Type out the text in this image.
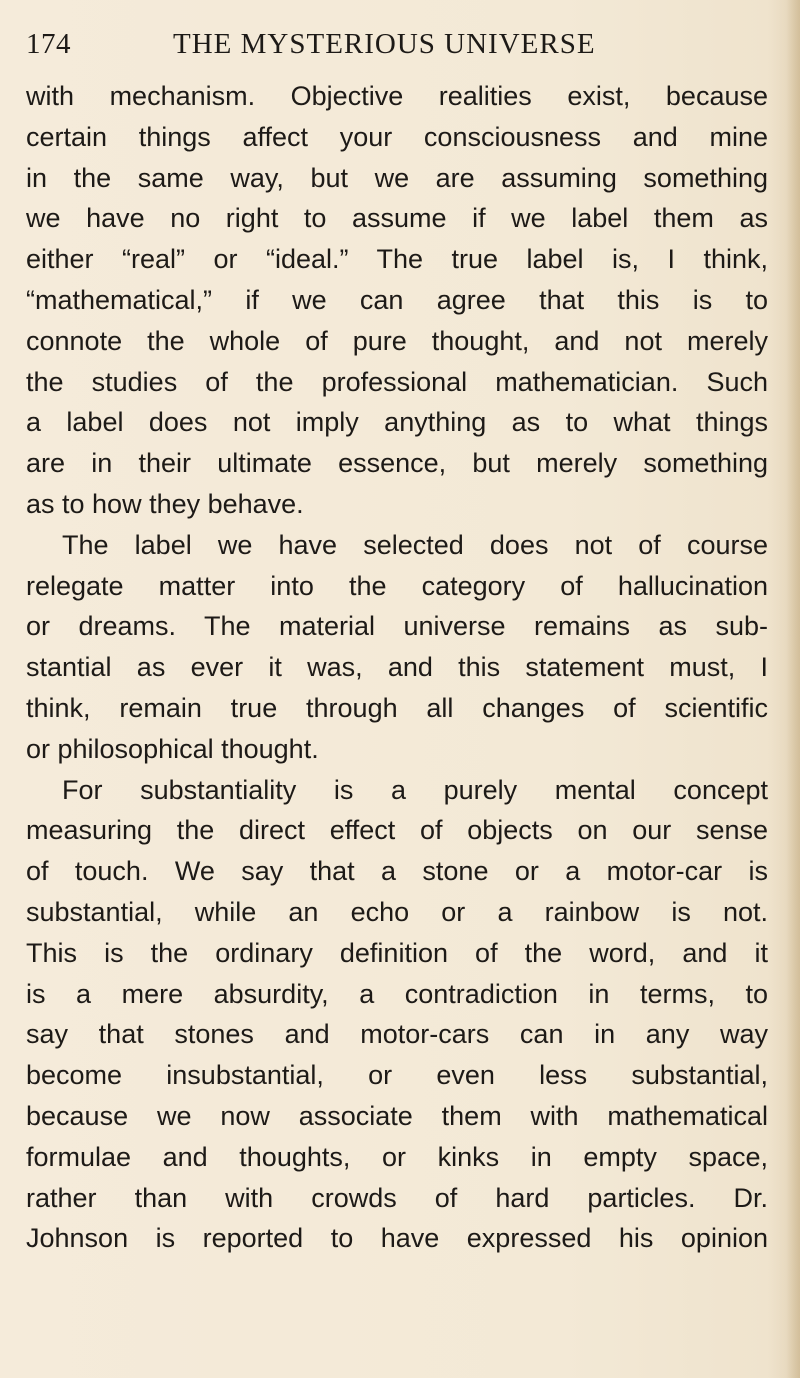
174	THE MYSTERIOUS UNIVERSE
with mechanism. Objective realities exist, because
certain things affect your consciousness and mine
in the same way, but we are assuming something
we have no right to assume if we label them as
either “real” or “ideal.” The true label is, I think,
“mathematical,” if we can agree that this is to
connote the whole of pure thought, and not merely
the studies of the professional mathematician. Such
a label does not imply anything as to what things
are in their ultimate essence, but merely something
as to how they behave.
The label we have selected does not of course
relegate matter into the category of hallucination
or dreams. The material universe remains as sub-
stantial as ever it was, and this statement must, I
think, remain true through all changes of scientific
or philosophical thought.
For substantiality is a purely mental concept
measuring the direct effect of objects on our sense
of touch. We say that a stone or a motor-car is
substantial, while an echo or a rainbow is not.
This is the ordinary definition of the word, and it
is a mere absurdity, a contradiction in terms, to
say that stones and motor-cars can in any way
become insubstantial, or even less substantial,
because we now associate them with mathematical
formulae and thoughts, or kinks in empty space,
rather than with crowds of hard particles. Dr.
Johnson is reported to have expressed his opinion
